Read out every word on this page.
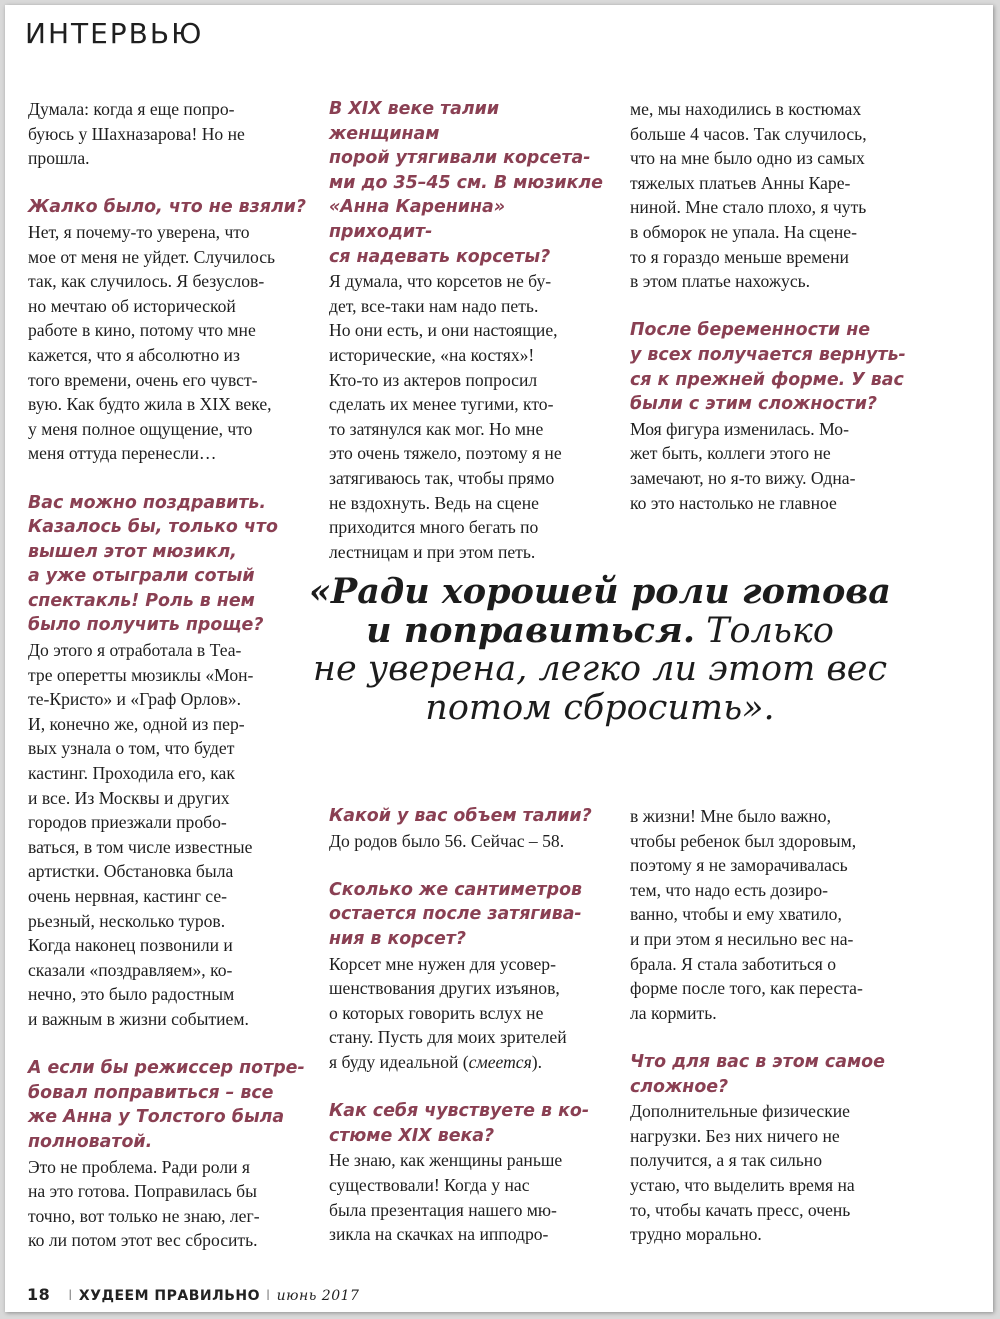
ИНТЕРВЬЮ

Думала: когда я еще попро-
буюсь у Шахназарова! Но не
прошла.

Жалко было, что не взяли?

Нет, я почему-то уверена, что
мое от меня не уйдет. Случилось
так, как случилось. Я безуслов-
но мечтаю об исторической
работе в кино, потому что мне
кажется, что я абсолютно из
того времени, очень его чувст-
вую. Как будто жила в XIX веке,
у меня полное ощущение, что
меня оттуда перенесли…

Вас можно поздравить.
Казалось бы, только что
вышел этот мюзикл,
а уже отыграли сотый
спектакль! Роль в нем
было получить проще?

До этого я отработала в Теа-
тре оперетты мюзиклы «Мон-
те-Кристо» и «Граф Орлов».
И, конечно же, одной из пер-
вых узнала о том, что будет
кастинг. Проходила его, как
и все. Из Москвы и других
городов приезжали пробо-
ваться, в том числе известные
артистки. Обстановка была
очень нервная, кастинг се-
рьезный, несколько туров.
Когда наконец позвонили и
сказали «поздравляем», ко-
нечно, это было радостным
и важным в жизни событием.

А если бы режиссер потре-
бовал поправиться – все
же Анна у Толстого была
полноватой.

Это не проблема. Ради роли я
на это готова. Поправилась бы
точно, вот только не знаю, лег-
ко ли потом этот вес сбросить.

В XIX веке талии женщинам
порой утягивали корсета-
ми до 35–45 см. В мюзикле
«Анна Каренина» приходит-
ся надевать корсеты?

Я думала, что корсетов не бу-
дет, все-таки нам надо петь.
Но они есть, и они настоящие,
исторические, «на костях»!
Кто-то из актеров попросил
сделать их менее тугими, кто-
то затянулся как мог. Но мне
это очень тяжело, поэтому я не
затягиваюсь так, чтобы прямо
не вздохнуть. Ведь на сцене
приходится много бегать по
лестницам и при этом петь.

ме, мы находились в костюмах
больше 4 часов. Так случилось,
что на мне было одно из самых
тяжелых платьев Анны Каре-
ниной. Мне стало плохо, я чуть
в обморок не упала. На сцене-
то я гораздо меньше времени
в этом платье нахожусь.

После беременности не
у всех получается вернуть-
ся к прежней форме. У вас
были с этим сложности?

Моя фигура изменилась. Мо-
жет быть, коллеги этого не
замечают, но я-то вижу. Одна-
ко это настолько не главное

Какой у вас объем талии?

До родов было 56. Сейчас – 58.

Сколько же сантиметров
остается после затягива-
ния в корсет?

Корсет мне нужен для усовер-
шенствования других изъянов,
о которых говорить вслух не
стану. Пусть для моих зрителей
я буду идеальной (смеется).

Как себя чувствуете в ко-
стюме XIX века?

Не знаю, как женщины раньше
существовали! Когда у нас
была презентация нашего мю-
зикла на скачках на ипподро-

в жизни! Мне было важно,
чтобы ребенок был здоровым,
поэтому я не заморачивалась
тем, что надо есть дозиро-
ванно, чтобы и ему хватило,
и при этом я несильно вес на-
брала. Я стала заботиться о
форме после того, как переста-
ла кормить.

Что для вас в этом самое
сложное?

Дополнительные физические
нагрузки. Без них ничего не
получится, а я так сильно
устаю, что выделить время на
то, чтобы качать пресс, очень
трудно морально.

«Ради хорошей роли готова
и поправиться. Только
не уверена, легко ли этот вес
потом сбросить».

18 I ХУДЕЕМ ПРАВИЛЬНО I июнь 2017
